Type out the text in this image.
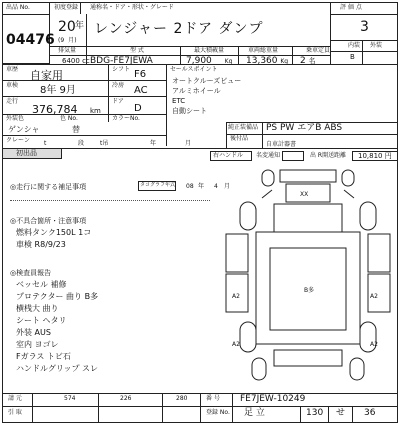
出品 No.
04476
初度登録 通称名・ドア・形状・グレード
20 年
(9 月)
レンジャー 2ドア ダンプ
評 価 点
3
内装 外装
B
排気量	型 式	最大積載量	車両総重量	乗車定員
6400 cc BDG-FE7JEWA	7,900 Kg 13,360 Kg 2 名
車歴 自家用	シフト F6
車検 8年 9月	冷房 AC
走行
376,784 km
ドア
D
外装色	色 No.	カラーNo.
ゲンシャ	替
クレーン t	段	t吊	年	月
セールスポイント
オートクルーズビュー
アルミホイール
ETC
自動シート
純正装備品 PS PW エアB ABS
後付品
自車計器書
初出品	右ハンドル 名変通知	出 R開送距離 10,810 円
◎走行に関する補足事項	タコグラフ年式 08 年 4 月
◎不具合箇所・注意事項
燃料タンク150L 1コ
車検 R8/9/23
◎検査員報告
ベッセル 補修
プロテクター 曲り B多
横桟大 曲り
シート ヘタリ
外装 AUS
室内 ヨゴレ
Fガラス トビ石
ハンドルグリップ スレ
XX
A2	A2
B多
A2	A2
請 元	574	226	280	番 号 FE7JEW-10249
引 取	登録 No. 足 立	130 せ 36
